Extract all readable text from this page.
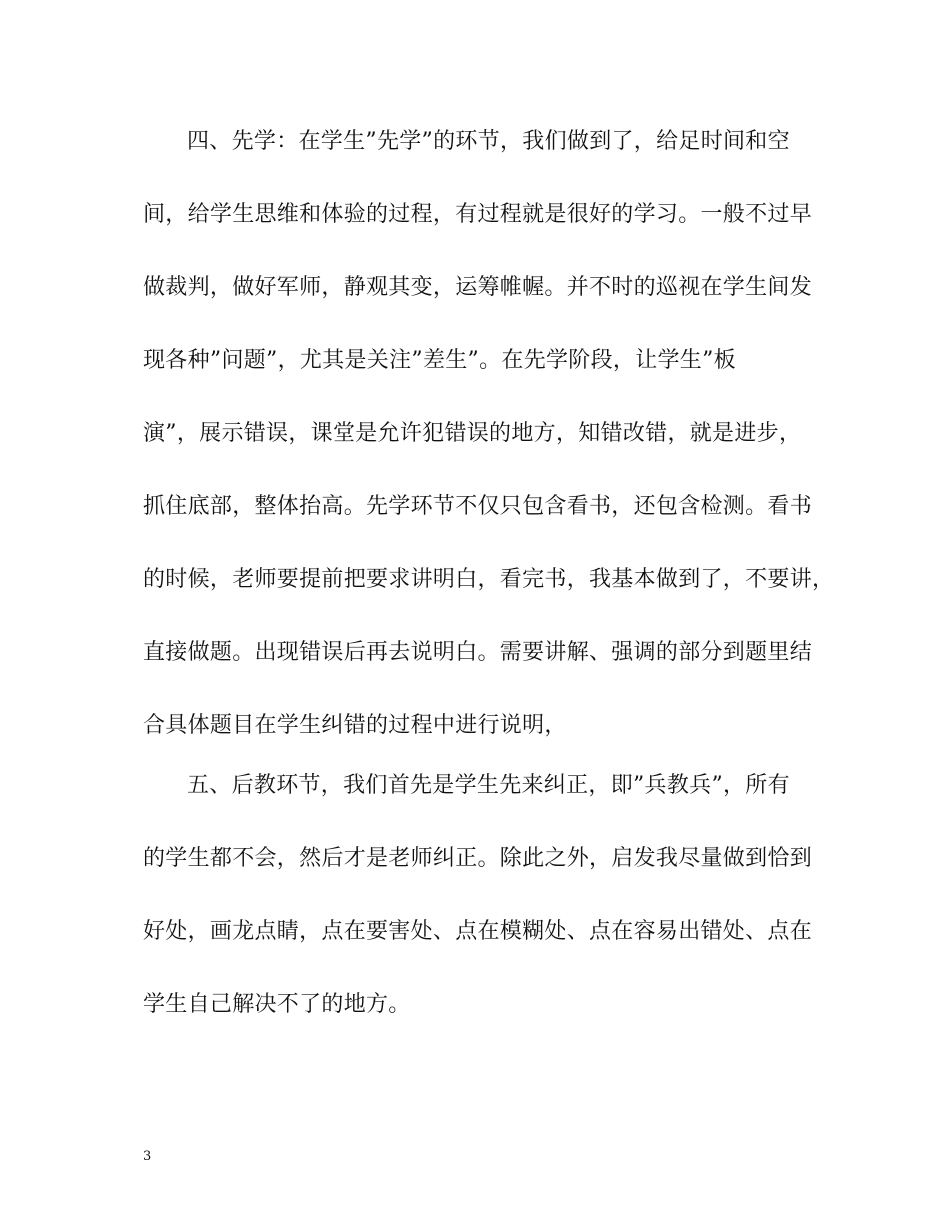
四、先学：在学生”先学”的环节，我们做到了，给足时间和空
间，给学生思维和体验的过程，有过程就是很好的学习。一般不过早
做裁判，做好军师，静观其变，运筹帷幄。并不时的巡视在学生间发
现各种”问题”，尤其是关注”差生”。在先学阶段，让学生”板
演”，展示错误，课堂是允许犯错误的地方，知错改错，就是进步，
抓住底部，整体抬高。先学环节不仅只包含看书，还包含检测。看书
的时候，老师要提前把要求讲明白，看完书，我基本做到了，不要讲，
直接做题。出现错误后再去说明白。需要讲解、强调的部分到题里结
合具体题目在学生纠错的过程中进行说明，
五、后教环节，我们首先是学生先来纠正，即”兵教兵”，所有
的学生都不会，然后才是老师纠正。除此之外，启发我尽量做到恰到
好处，画龙点睛，点在要害处、点在模糊处、点在容易出错处、点在
学生自己解决不了的地方。
3
